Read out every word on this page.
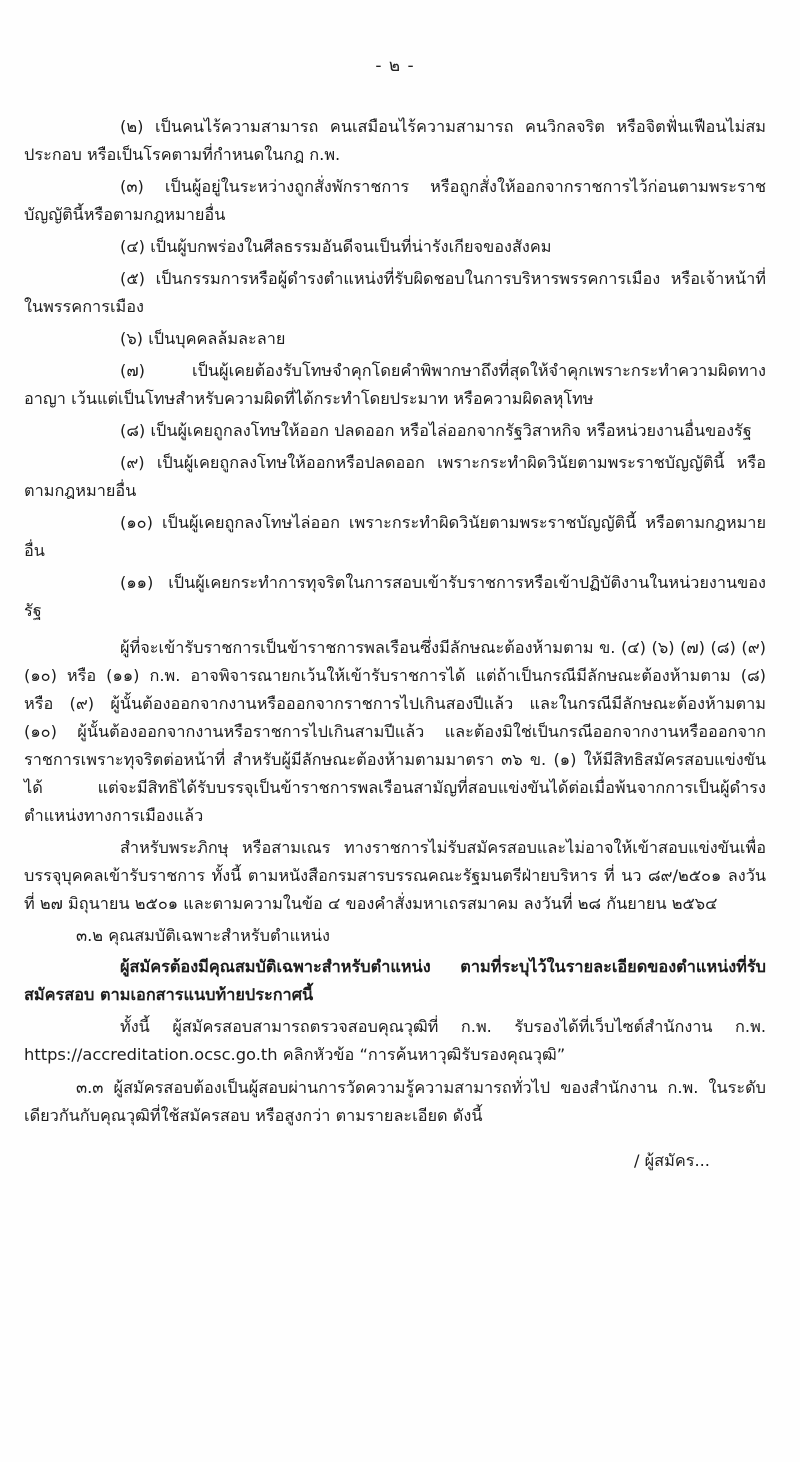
- ๒ -

(๒) เป็นคนไร้ความสามารถ คนเสมือนไร้ความสามารถ คนวิกลจริต หรือจิตฟั่นเฟือนไม่สมประกอบ หรือเป็นโรคตามที่กำหนดในกฎ ก.พ.

(๓) เป็นผู้อยู่ในระหว่างถูกสั่งพักราชการ หรือถูกสั่งให้ออกจากราชการไว้ก่อนตามพระราชบัญญัตินี้หรือตามกฎหมายอื่น

(๔) เป็นผู้บกพร่องในศีลธรรมอันดีจนเป็นที่น่ารังเกียจของสังคม

(๕) เป็นกรรมการหรือผู้ดำรงตำแหน่งที่รับผิดชอบในการบริหารพรรคการเมือง หรือเจ้าหน้าที่ในพรรคการเมือง

(๖) เป็นบุคคลล้มละลาย

(๗) เป็นผู้เคยต้องรับโทษจำคุกโดยคำพิพากษาถึงที่สุดให้จำคุกเพราะกระทำความผิดทางอาญา เว้นแต่เป็นโทษสำหรับความผิดที่ได้กระทำโดยประมาท หรือความผิดลหุโทษ

(๘) เป็นผู้เคยถูกลงโทษให้ออก ปลดออก หรือไล่ออกจากรัฐวิสาหกิจ หรือหน่วยงานอื่นของรัฐ

(๙) เป็นผู้เคยถูกลงโทษให้ออกหรือปลดออก เพราะกระทำผิดวินัยตามพระราชบัญญัตินี้ หรือตามกฎหมายอื่น

(๑๐) เป็นผู้เคยถูกลงโทษไล่ออก เพราะกระทำผิดวินัยตามพระราชบัญญัตินี้ หรือตามกฎหมายอื่น

(๑๑) เป็นผู้เคยกระทำการทุจริตในการสอบเข้ารับราชการหรือเข้าปฏิบัติงานในหน่วยงานของรัฐ

ผู้ที่จะเข้ารับราชการเป็นข้าราชการพลเรือนซึ่งมีลักษณะต้องห้ามตาม ข. (๔) (๖) (๗) (๘) (๙) (๑๐) หรือ (๑๑) ก.พ. อาจพิจารณายกเว้นให้เข้ารับราชการได้ แต่ถ้าเป็นกรณีมีลักษณะต้องห้ามตาม (๘) หรือ (๙) ผู้นั้นต้องออกจากงานหรือออกจากราชการไปเกินสองปีแล้ว และในกรณีมีลักษณะต้องห้ามตาม (๑๐) ผู้นั้นต้องออกจากงานหรือราชการไปเกินสามปีแล้ว และต้องมิใช่เป็นกรณีออกจากงานหรือออกจากราชการเพราะทุจริตต่อหน้าที่ สำหรับผู้มีลักษณะต้องห้ามตามมาตรา ๓๖ ข. (๑) ให้มีสิทธิสมัครสอบแข่งขันได้ แต่จะมีสิทธิได้รับบรรจุเป็นข้าราชการพลเรือนสามัญที่สอบแข่งขันได้ต่อเมื่อพ้นจากการเป็นผู้ดำรงตำแหน่งทางการเมืองแล้ว

สำหรับพระภิกษุ หรือสามเณร ทางราชการไม่รับสมัครสอบและไม่อาจให้เข้าสอบแข่งขันเพื่อบรรจุบุคคลเข้ารับราชการ ทั้งนี้ ตามหนังสือกรมสารบรรณคณะรัฐมนตรีฝ่ายบริหาร ที่ นว ๘๙/๒๕๐๑ ลงวันที่ ๒๗ มิถุนายน ๒๕๐๑ และตามความในข้อ ๔ ของคำสั่งมหาเถรสมาคม ลงวันที่ ๒๘ กันยายน ๒๕๖๔

๓.๒ คุณสมบัติเฉพาะสำหรับตำแหน่ง

ผู้สมัครต้องมีคุณสมบัติเฉพาะสำหรับตำแหน่ง ตามที่ระบุไว้ในรายละเอียดของตำแหน่งที่รับสมัครสอบ ตามเอกสารแนบท้ายประกาศนี้

ทั้งนี้ ผู้สมัครสอบสามารถตรวจสอบคุณวุฒิที่ ก.พ. รับรองได้ที่เว็บไซต์สำนักงาน ก.พ. https://accreditation.ocsc.go.th คลิกหัวข้อ “การค้นหาวุฒิรับรองคุณวุฒิ”

๓.๓ ผู้สมัครสอบต้องเป็นผู้สอบผ่านการวัดความรู้ความสามารถทั่วไป ของสำนักงาน ก.พ. ในระดับเดียวกันกับคุณวุฒิที่ใช้สมัครสอบ หรือสูงกว่า ตามรายละเอียด ดังนี้

/ ผู้สมัคร...
